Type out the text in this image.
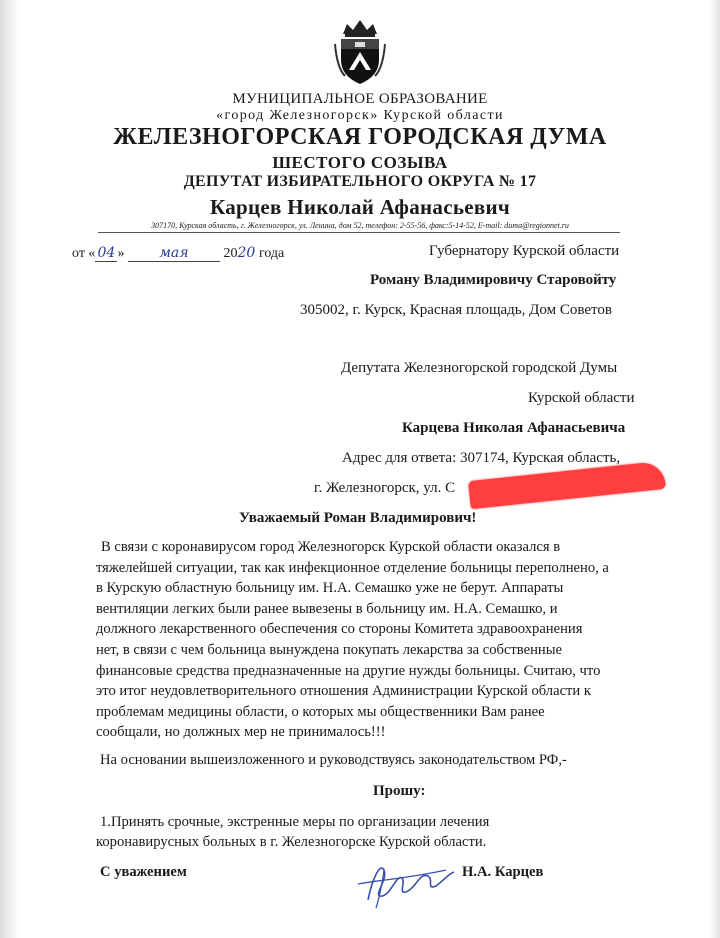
МУНИЦИПАЛЬНОЕ ОБРАЗОВАНИЕ
«город Железногорск» Курской области
ЖЕЛЕЗНОГОРСКАЯ ГОРОДСКАЯ ДУМА
ШЕСТОГО СОЗЫВА
ДЕПУТАТ ИЗБИРАТЕЛЬНОГО ОКРУГА № 17
Карцев Николай Афанасьевич
307170, Курская область, г. Железногорск, ул. Ленина, дом 52, телефон: 2-55-56, факс:5-14-52, E-mail: duma@regionnet.ru
от « 04 » мая 2020 года	Губернатору Курской области
Роману Владимировичу Старовойту
305002, г. Курск, Красная площадь, Дом Советов
Депутата Железногорской городской Думы
Курской области
Карцева Николая Афанасьевича
Адрес для ответа: 307174, Курская область,
г. Железногорск, ул. С
Уважаемый Роман Владимирович!
В связи с коронавирусом город Железногорск Курской области оказался в
тяжелейшей ситуации, так как инфекционное отделение больницы переполнено, а
в Курскую областную больницу им. Н.А. Семашко уже не берут. Аппараты
вентиляции легких были ранее вывезены в больницу им. Н.А. Семашко, и
должного лекарственного обеспечения со стороны Комитета здравоохранения
нет, в связи с чем больница вынуждена покупать лекарства за собственные
финансовые средства предназначенные на другие нужды больницы. Считаю, что
это итог неудовлетворительного отношения Администрации Курской области к
проблемам медицины области, о которых мы общественники Вам ранее
сообщали, но должных мер не принималось!!!
На основании вышеизложенного и руководствуясь законодательством РФ,-
Прошу:
1.Принять срочные, экстренные меры по организации лечения
коронавирусных больных в г. Железногорске Курской области.
С уважением	Н.А. Карцев
